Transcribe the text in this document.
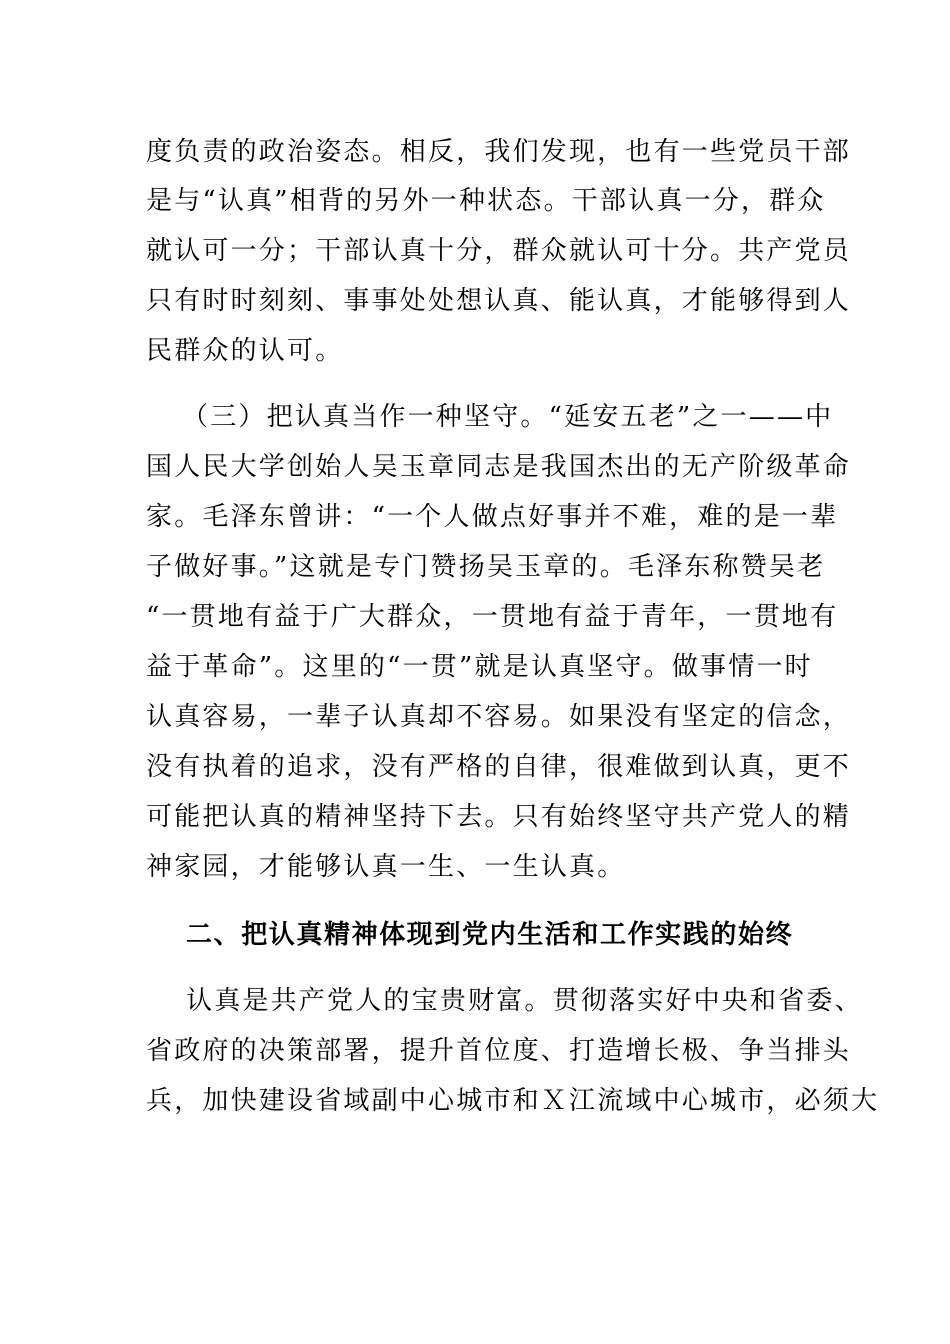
度负责的政治姿态。相反，我们发现，也有一些党员干部
是与“认真”相背的另外一种状态。干部认真一分，群众
就认可一分；干部认真十分，群众就认可十分。共产党员
只有时时刻刻、事事处处想认真、能认真，才能够得到人
民群众的认可。
（三）把认真当作一种坚守。“延安五老”之一——中
国人民大学创始人吴玉章同志是我国杰出的无产阶级革命
家。毛泽东曾讲：“一个人做点好事并不难，难的是一辈
子做好事。”这就是专门赞扬吴玉章的。毛泽东称赞吴老
“一贯地有益于广大群众，一贯地有益于青年，一贯地有
益于革命”。这里的“一贯”就是认真坚守。做事情一时
认真容易，一辈子认真却不容易。如果没有坚定的信念，
没有执着的追求，没有严格的自律，很难做到认真，更不
可能把认真的精神坚持下去。只有始终坚守共产党人的精
神家园，才能够认真一生、一生认真。
二、把认真精神体现到党内生活和工作实践的始终
认真是共产党人的宝贵财富。贯彻落实好中央和省委、
省政府的决策部署，提升首位度、打造增长极、争当排头
兵，加快建设省域副中心城市和Ｘ江流域中心城市，必须大
